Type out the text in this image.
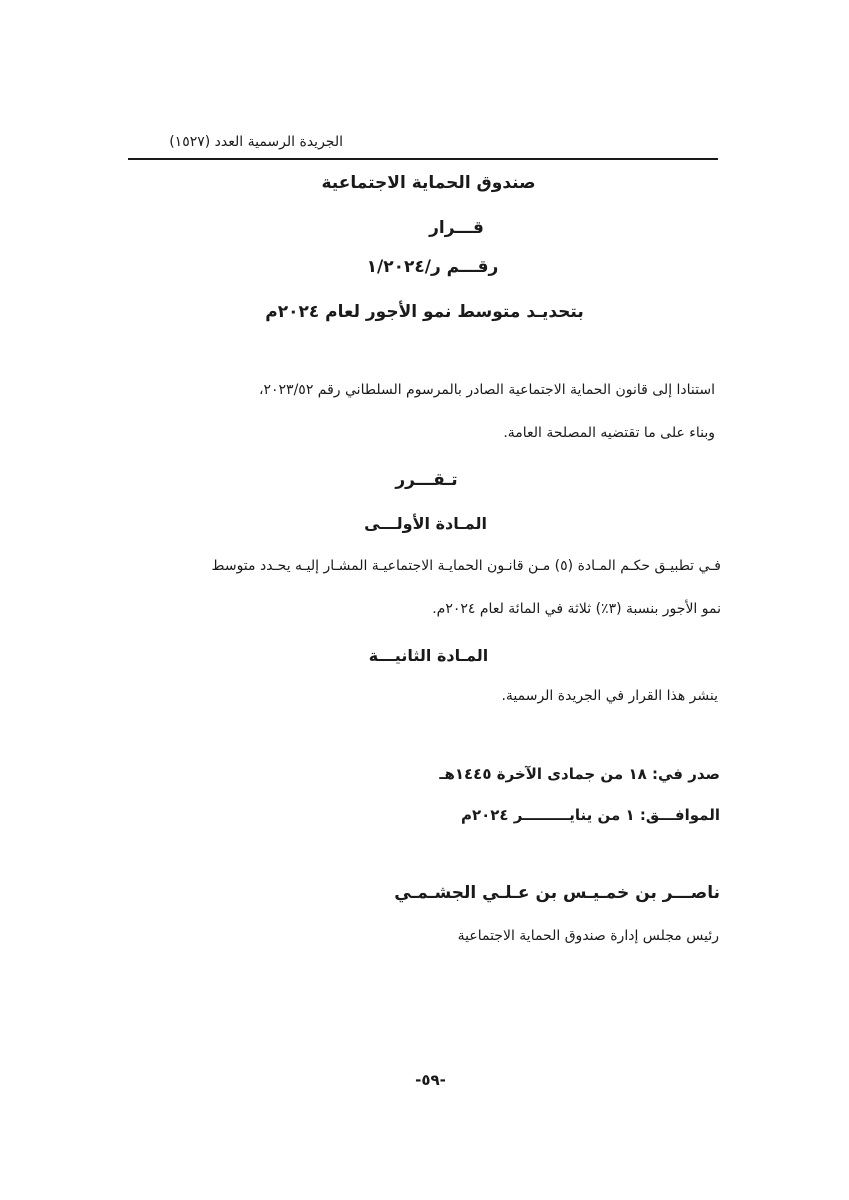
الجريدة الرسمية العدد (١٥٢٧)
صندوق الحماية الاجتماعية
قـــرار
رقـــم ر/١/٢٠٢٤
بتحديـد متوسط نمو الأجور لعام ٢٠٢٤م
استنادا إلى قانون الحماية الاجتماعية الصادر بالمرسوم السلطاني رقم ٢٠٢٣/٥٢،
وبناء على ما تقتضيه المصلحة العامة.
تـقـــرر
المـادة الأولـــى
فـي تطبيـق حكـم المـادة (٥) مـن قانـون الحمايـة الاجتماعيـة المشـار إليـه يحـدد متوسط
نمو الأجور بنسبة (٣٪) ثلاثة في المائة لعام ٢٠٢٤م.
المـادة الثانيـــة
ينشر هذا القرار في الجريدة الرسمية.
صدر في: ١٨ من جمادى الآخرة ١٤٤٥هـ
الموافـــق: ١ من ينايـــــــــر ٢٠٢٤م
ناصـــر بن خمـيـس بن عـلـي الجشـمـي
رئيس مجلس إدارة صندوق الحماية الاجتماعية
-٥٩-
